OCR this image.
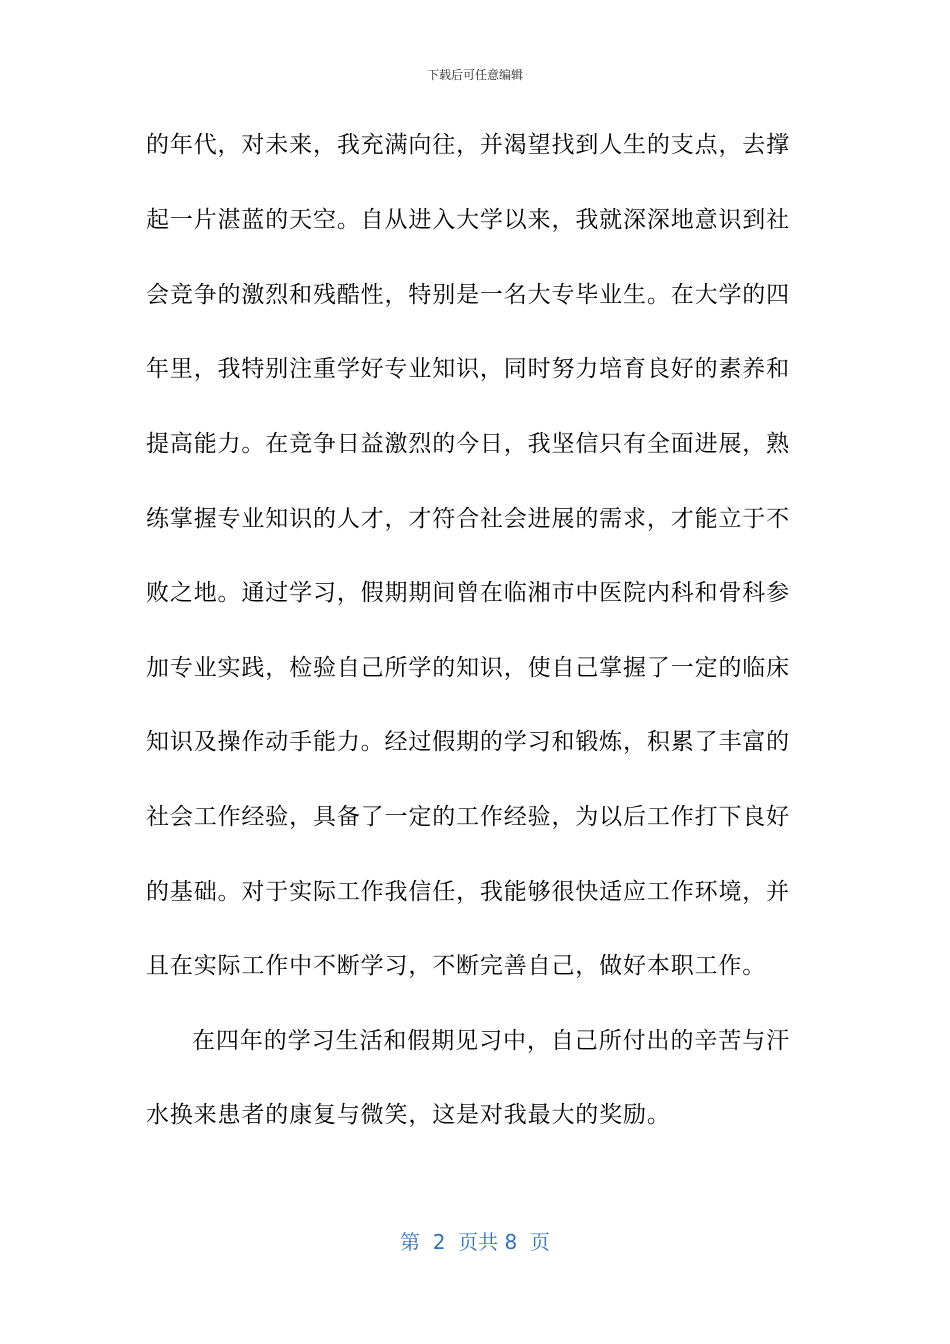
下载后可任意编辑
的年代，对未来，我充满向往，并渴望找到人生的支点，去撑
起一片湛蓝的天空。自从进入大学以来，我就深深地意识到社
会竞争的激烈和残酷性，特别是一名大专毕业生。在大学的四
年里，我特别注重学好专业知识，同时努力培育良好的素养和
提高能力。在竞争日益激烈的今日，我坚信只有全面进展，熟
练掌握专业知识的人才，才符合社会进展的需求，才能立于不
败之地。通过学习，假期期间曾在临湘市中医院内科和骨科参
加专业实践，检验自己所学的知识，使自己掌握了一定的临床
知识及操作动手能力。经过假期的学习和锻炼，积累了丰富的
社会工作经验，具备了一定的工作经验，为以后工作打下良好
的基础。对于实际工作我信任，我能够很快适应工作环境，并
且在实际工作中不断学习，不断完善自己，做好本职工作。
在四年的学习生活和假期见习中，自己所付出的辛苦与汗
水换来患者的康复与微笑，这是对我最大的奖励。
第  2  页共 8  页
